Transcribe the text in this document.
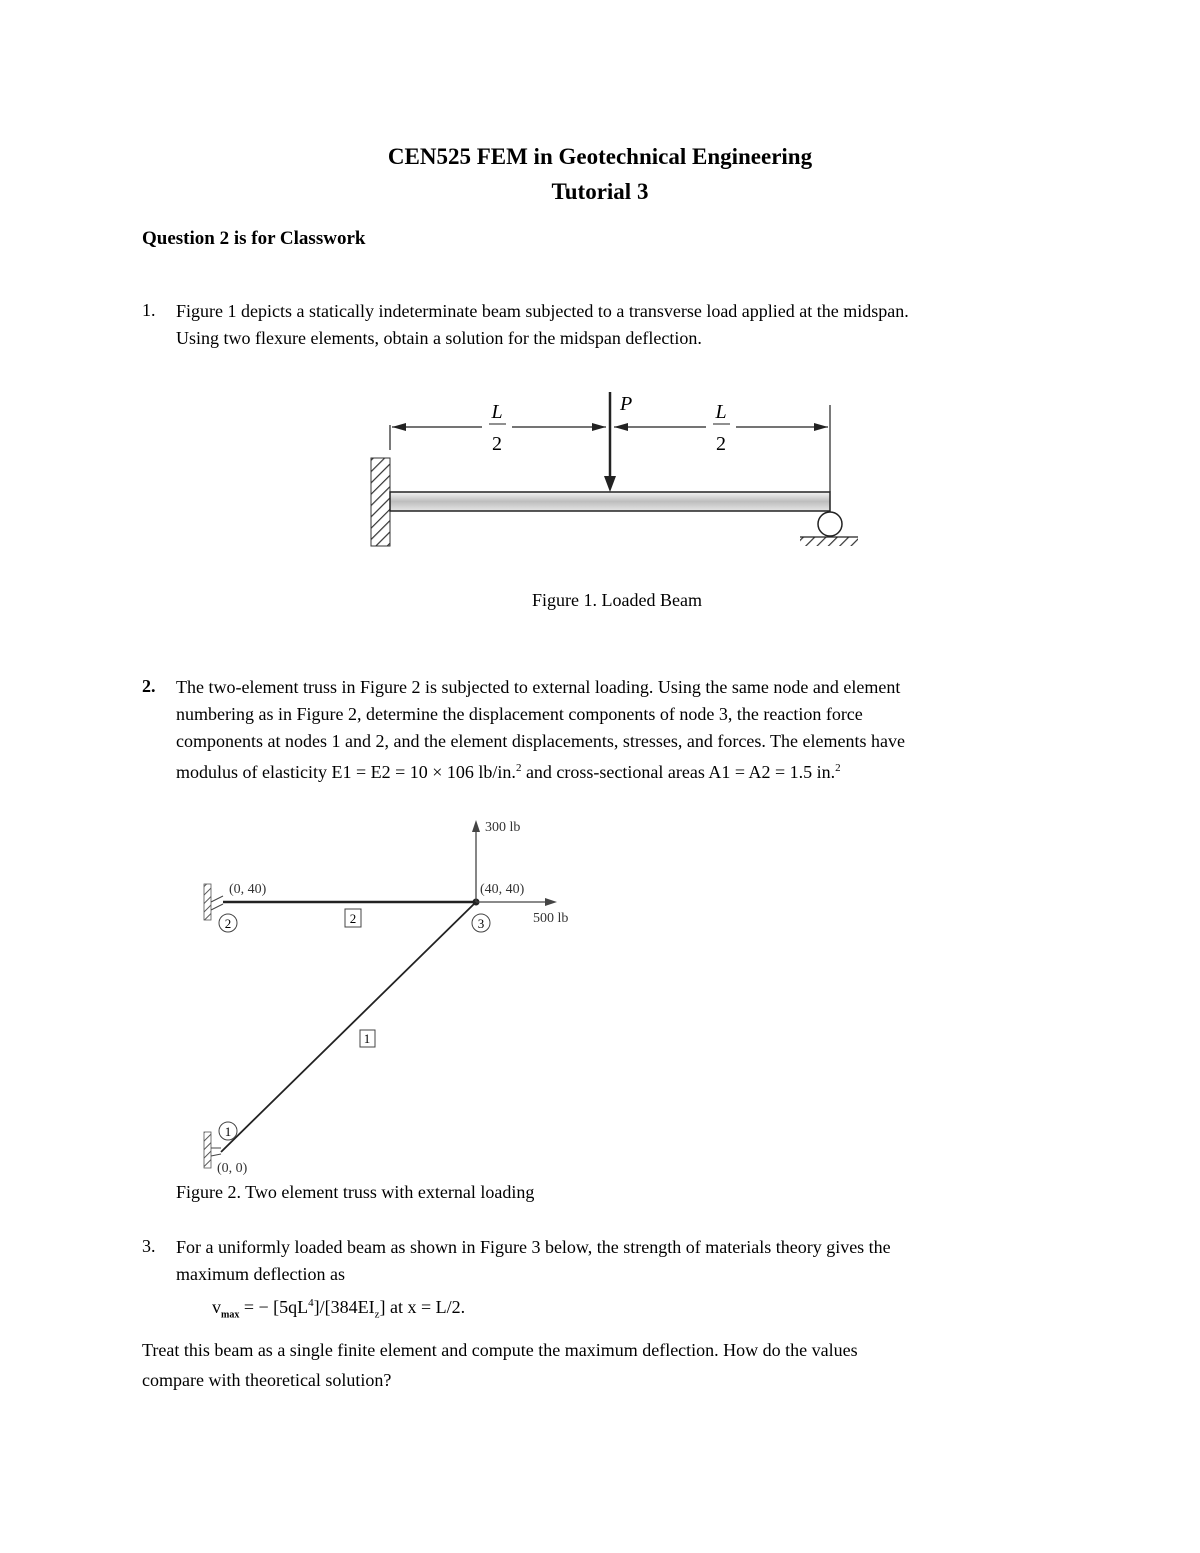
CEN525 FEM in Geotechnical Engineering
Tutorial 3
Question 2 is for Classwork
1. Figure 1 depicts a statically indeterminate beam subjected to a transverse load applied at the midspan.
Using two flexure elements, obtain a solution for the midspan deflection.
P
L
2
L
2
Figure 1. Loaded Beam
2. The two-element truss in Figure 2 is subjected to external loading. Using the same node and element
numbering as in Figure 2, determine the displacement components of node 3, the reaction force
components at nodes 1 and 2, and the element displacements, stresses, and forces. The elements have
modulus of elasticity E1 = E2 = 10 × 106 lb/in.$^2$ and cross-sectional areas A1 = A2 = 1.5 in.$^2$
300 lb
500 lb
(0, 40)	(40, 40)
(0, 0)
2	3
1
2
1
Figure 2. Two element truss with external loading
3. For a uniformly loaded beam as shown in Figure 3 below, the strength of materials theory gives the
maximum deflection as
$v_{max}$ = − $[5qL^4]/[384EI_z]$ at x = L/2.
Treat this beam as a single finite element and compute the maximum deflection. How do the values
compare with theoretical solution?
